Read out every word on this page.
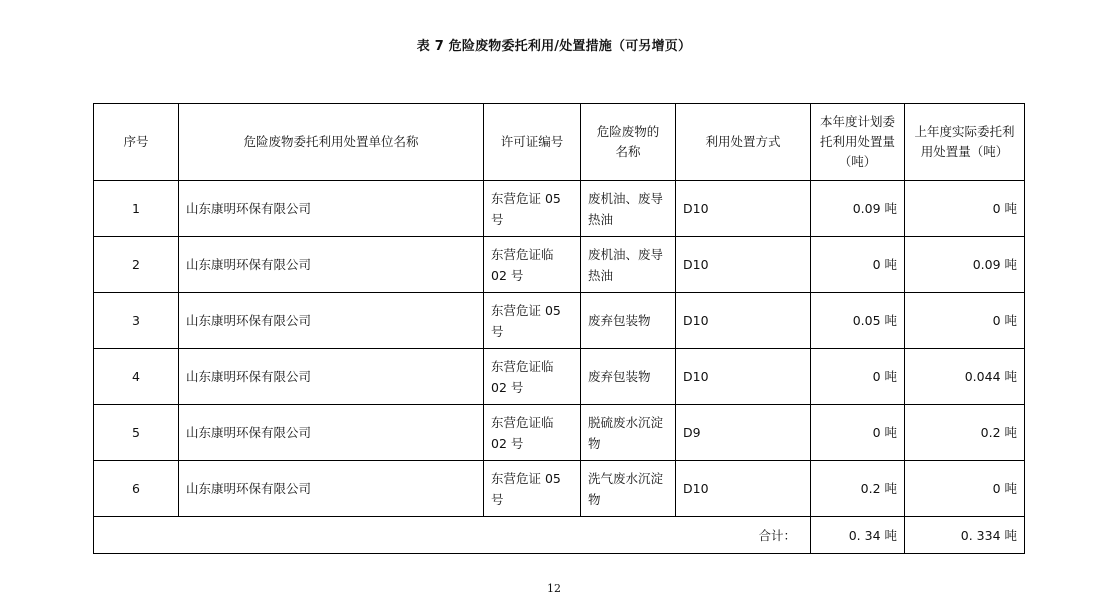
表 7 危险废物委托利用/处置措施（可另增页）
序号	危险废物委托利用处置单位名称	许可证编号	危险废物的名称	利用处置方式	本年度计划委托利用处置量（吨）	上年度实际委托利用处置量（吨）
1	山东康明环保有限公司	东营危证 05 号	废机油、废导热油	D10	0.09 吨	0 吨
2	山东康明环保有限公司	东营危证临 02 号	废机油、废导热油	D10	0 吨	0.09 吨
3	山东康明环保有限公司	东营危证 05 号	废弃包装物	D10	0.05 吨	0 吨
4	山东康明环保有限公司	东营危证临 02 号	废弃包装物	D10	0 吨	0.044 吨
5	山东康明环保有限公司	东营危证临 02 号	脱硫废水沉淀物	D9	0 吨	0.2 吨
6	山东康明环保有限公司	东营危证 05 号	洗气废水沉淀物	D10	0.2 吨	0 吨
合计：					0. 34 吨	0. 334 吨
12
